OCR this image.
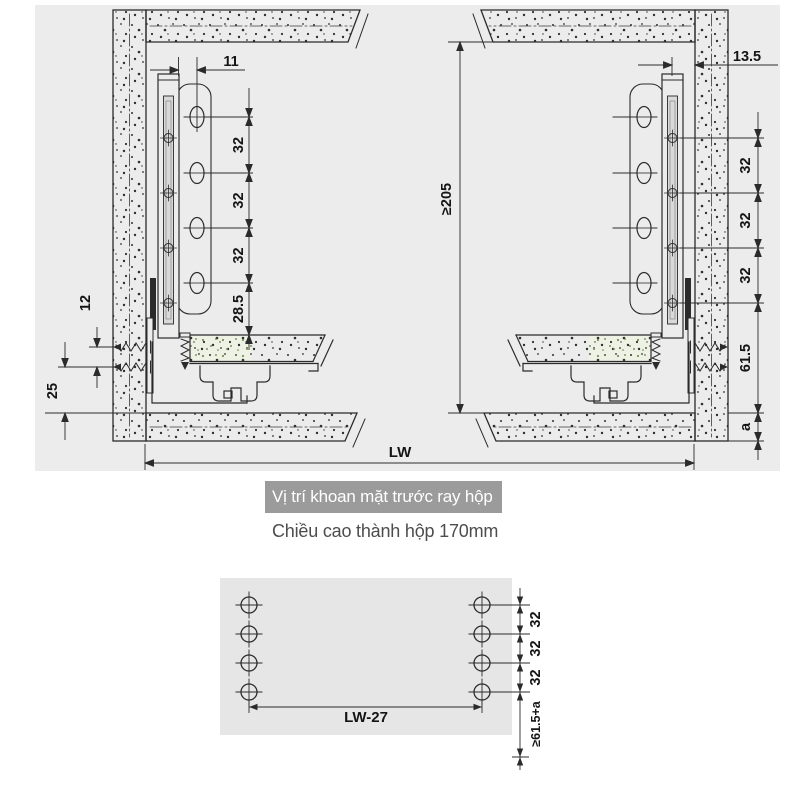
11
32
32
32
28.5
12
25
13.5
≥205
32
32
32
61.5
a
LW
32
32
32
≥61.5+a
LW-27
Vị trí khoan mặt trước ray hộp
Chiều cao thành hộp 170mm
